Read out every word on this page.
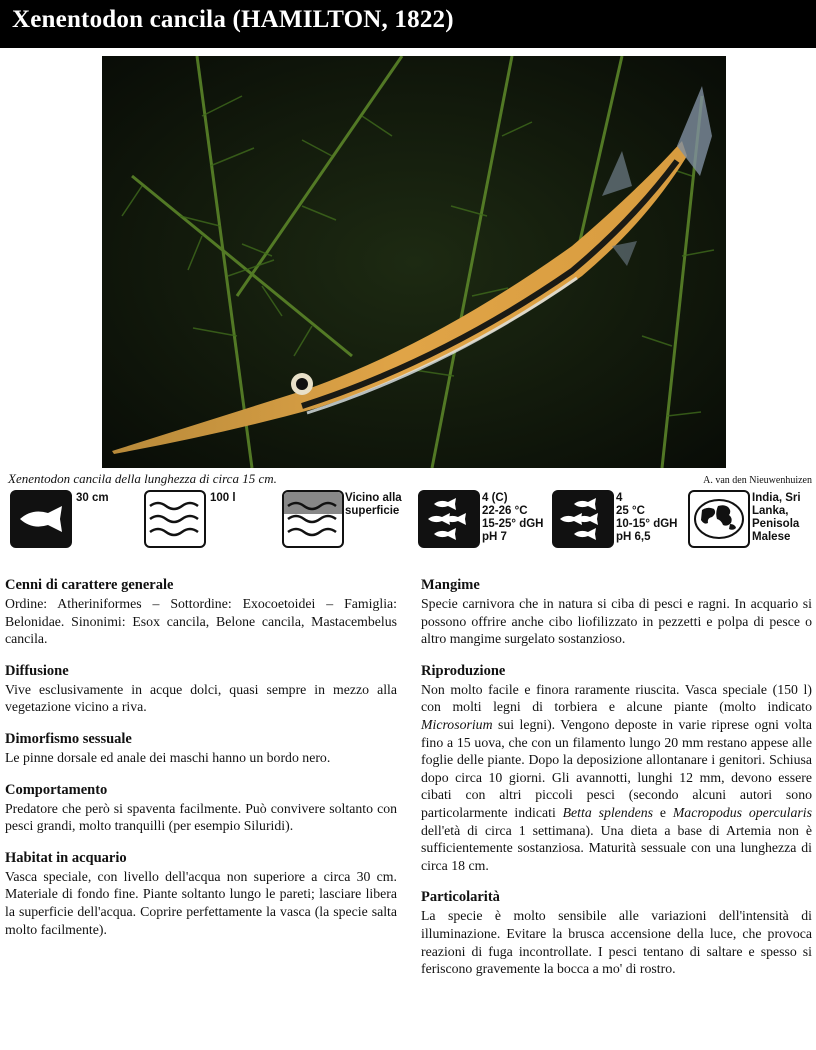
Xenentodon cancila (HAMILTON, 1822)
Xenentodon cancila della lunghezza di circa 15 cm.	A. van den Nieuwenhuizen
30 cm	100 l	Vicino alla
superficie
4 (C)
22-26 °C
15-25° dGH
pH 7
4
25 °C
10-15° dGH
pH 6,5
India, Sri
Lanka,
Penisola
Malese
Cenni di carattere generale

Ordine: Atheriniformes – Sottordine: Exocoetoidei – Famiglia: Belonidae. Sinonimi: Esox cancila, Belone cancila, Mastacembelus cancila.

Diffusione

Vive esclusivamente in acque dolci, quasi sempre in mezzo alla vegetazione vicino a riva.

Dimorfismo sessuale

Le pinne dorsale ed anale dei maschi hanno un bordo nero.

Comportamento

Predatore che però si spaventa facilmente. Può convivere soltanto con pesci grandi, molto tranquilli (per esempio Siluridi).

Habitat in acquario

Vasca speciale, con livello dell'acqua non superiore a circa 30 cm. Materiale di fondo fine. Piante soltanto lungo le pareti; lasciare libera la superficie dell'acqua. Coprire perfettamente la vasca (la specie salta molto facilmente).

Mangime

Specie carnivora che in natura si ciba di pesci e ragni. In acquario si possono offrire anche cibo liofilizzato in pezzetti e polpa di pesce o altro mangime surgelato sostanzioso.

Riproduzione

Non molto facile e finora raramente riuscita. Vasca speciale (150 l) con molti legni di torbiera e alcune piante (molto indicato Microsorium sui legni). Vengono deposte in varie riprese ogni volta fino a 15 uova, che con un filamento lungo 20 mm restano appese alle foglie delle piante. Dopo la deposizione allontanare i genitori. Schiusa dopo circa 10 giorni. Gli avannotti, lunghi 12 mm, devono essere cibati con altri piccoli pesci (secondo alcuni autori sono particolarmente indicati Betta splendens e Macropodus opercularis dell'età di circa 1 settimana). Una dieta a base di Artemia non è sufficientemente sostanziosa. Maturità sessuale con una lunghezza di circa 18 cm.

Particolarità

La specie è molto sensibile alle variazioni dell'intensità di illuminazione. Evitare la brusca accensione della luce, che provoca reazioni di fuga incontrollate. I pesci tentano di saltare e spesso si feriscono gravemente la bocca a mo' di rostro.
